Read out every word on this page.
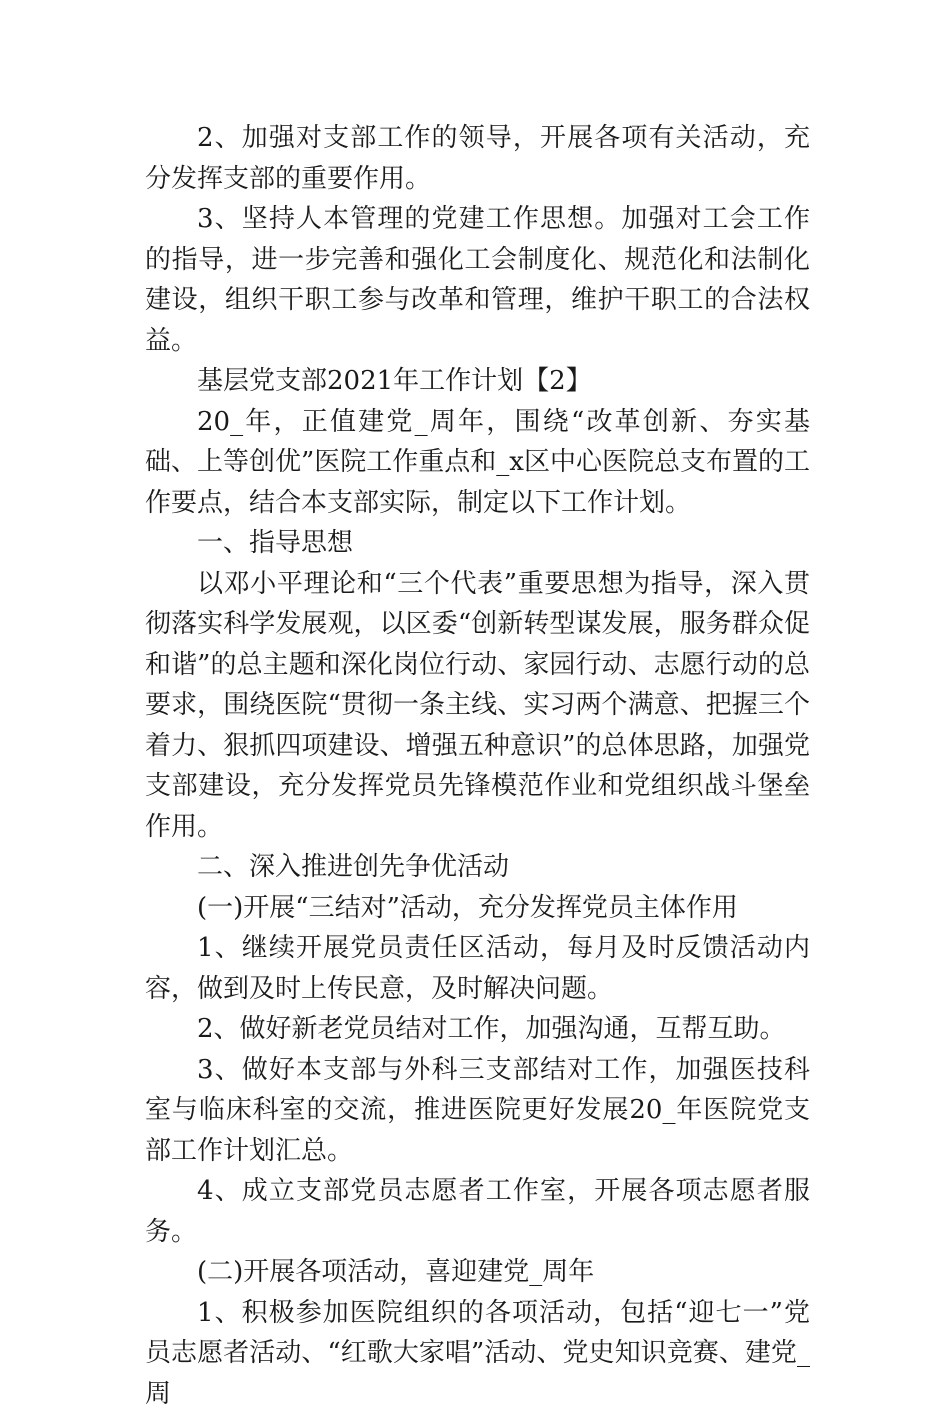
2、加强对支部工作的领导，开展各项有关活动，充分发挥支部的重要作用。

3、坚持人本管理的党建工作思想。加强对工会工作的指导，进一步完善和强化工会制度化、规范化和法制化建设，组织干职工参与改革和管理，维护干职工的合法权益。

基层党支部2021年工作计划【2】

20_年，正值建党_周年，围绕“改革创新、夯实基础、上等创优”医院工作重点和_x区中心医院总支布置的工作要点，结合本支部实际，制定以下工作计划。

一、指导思想

以邓小平理论和“三个代表”重要思想为指导，深入贯彻落实科学发展观，以区委“创新转型谋发展，服务群众促和谐”的总主题和深化岗位行动、家园行动、志愿行动的总要求，围绕医院“贯彻一条主线、实习两个满意、把握三个着力、狠抓四项建设、增强五种意识”的总体思路，加强党支部建设，充分发挥党员先锋模范作业和党组织战斗堡垒作用。

二、深入推进创先争优活动

(一)开展“三结对”活动，充分发挥党员主体作用

1、继续开展党员责任区活动，每月及时反馈活动内容，做到及时上传民意，及时解决问题。

2、做好新老党员结对工作，加强沟通，互帮互助。

3、做好本支部与外科三支部结对工作，加强医技科室与临床科室的交流，推进医院更好发展20_年医院党支部工作计划汇总。

4、成立支部党员志愿者工作室，开展各项志愿者服务。

(二)开展各项活动，喜迎建党_周年

1、积极参加医院组织的各项活动，包括“迎七一”党员志愿者活动、“红歌大家唱”活动、党史知识竞赛、建党_周
